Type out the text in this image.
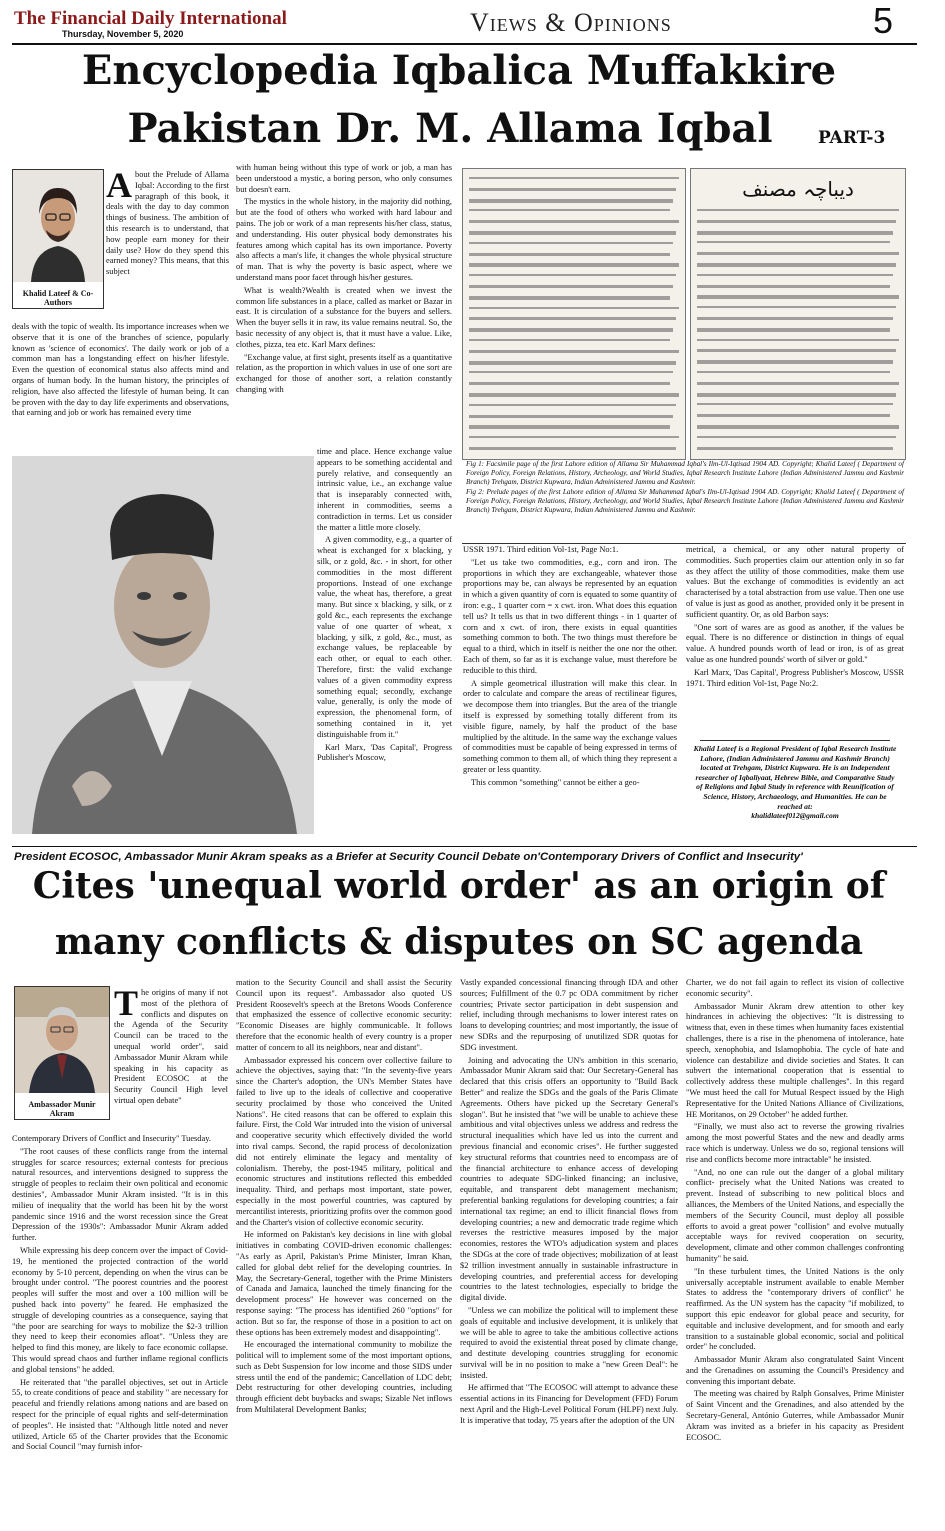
The Financial Daily International
Thursday, November 5, 2020	Views & Opinions	5
Encyclopedia Iqbalica Muffakkire
Pakistan Dr. M. Allama Iqbal	PART-3
Khalid Lateef & Co-Authors
About the Prelude of Allama Iqbal: According to the first paragraph of this book, it deals with the day to day common things of business. The ambition of this research is to understand, that how people earn money for their daily use? How do they spend this earned money? This means, that this subject

deals with the topic of wealth. Its importance increases when we observe that it is one of the branches of science, popularly known as 'science of economics'. The daily work or job of a common man has a longstanding effect on his/her lifestyle. Even the question of economical status also affects mind and organs of human body. In the human history, the principles of religion, have also affected the lifestyle of human being. It can be proven with the day to day life experiments and observations, that earning and job or work has remained every time

with human being without this type of work or job, a man has been understood a mystic, a boring person, who only consumes but doesn't earn.

The mystics in the whole history, in the majority did nothing, but ate the food of others who worked with hard labour and pains. The job or work of a man represents his/her class, status, and understanding. His outer physical body demonstrates his features among which capital has its own importance. Poverty also affects a man's life, it changes the whole physical structure of man. That is why the poverty is basic aspect, where we understand mans poor facet through his/her gestures.

What is wealth?Wealth is created when we invest the common life substances in a place, called as market or Bazar in east. It is circulation of a substance for the buyers and sellers. When the buyer sells it in raw, its value remains neutral. So, the basic necessity of any object is, that it must have a value. Like, clothes, pizza, tea etc. Karl Marx defines:

"Exchange value, at first sight, presents itself as a quantitative relation, as the proportion in which values in use of one sort are exchanged for those of another sort, a relation constantly changing with

time and place. Hence exchange value appears to be something accidental and purely relative, and consequently an intrinsic value, i.e., an exchange value that is inseparably connected with, inherent in commodities, seems a contradiction in terms. Let us consider the matter a little more closely.

A given commodity, e.g., a quarter of wheat is exchanged for x blacking, y silk, or z gold, &c. - in short, for other commodities in the most different proportions. Instead of one exchange value, the wheat has, therefore, a great many. But since x blacking, y silk, or z gold &c., each represents the exchange value of one quarter of wheat, x blacking, y silk, z gold, &c., must, as exchange values, be replaceable by each other, or equal to each other. Therefore, first: the valid exchange values of a given commodity express something equal; secondly, exchange value, generally, is only the mode of expression, the phenomenal form, of something contained in it, yet distinguishable from it."

Karl Marx, 'Das Capital', Progress Publisher's Moscow,

دیباچہ مصنف
Fig 1: Facsimile page of the first Lahore edition of Allama Sir Muhammad Iqbal's Ilm-Ul-Iqtisad 1904 AD. Copyright; Khalid Lateef ( Department of Foreign Policy, Foreign Relations, History, Archeology, and World Studies, Iqbal Research Institute Lahore (Indian Administered Jammu and Kashmir Branch) Trehgam, District Kupwara, Indian Administered Jammu and Kashmir.
Fig 2: Prelude pages of the first Lahore edition of Allama Sir Muhammad Iqbal's Ilm-Ul-Iqtisad 1904 AD. Copyright; Khalid Lateef ( Department of Foreign Policy, Foreign Relations, History, Archeology, and World Studies, Iqbal Research Institute Lahore (Indian Administered Jammu and Kashmir Branch) Trehgam, District Kupwara, Indian Administered Jammu and Kashmir.

USSR 1971. Third edition Vol-1st, Page No:1.

"Let us take two commodities, e.g., corn and iron. The proportions in which they are exchangeable, whatever those proportions may be, can always be represented by an equation in which a given quantity of corn is equated to some quantity of iron: e.g., 1 quarter corn = x cwt. iron. What does this equation tell us? It tells us that in two different things - in 1 quarter of corn and x cwt. of iron, there exists in equal quantities something common to both. The two things must therefore be equal to a third, which in itself is neither the one nor the other. Each of them, so far as it is exchange value, must therefore be reducible to this third.

A simple geometrical illustration will make this clear. In order to calculate and compare the areas of rectilinear figures, we decompose them into triangles. But the area of the triangle itself is expressed by something totally different from its visible figure, namely, by half the product of the base multiplied by the altitude. In the same way the exchange values of commodities must be capable of being expressed in terms of something common to them all, of which thing they represent a greater or less quantity.

This common "something" cannot be either a geo-

metrical, a chemical, or any other natural property of commodities. Such properties claim our attention only in so far as they affect the utility of those commodities, make them use values. But the exchange of commodities is evidently an act characterised by a total abstraction from use value. Then one use of value is just as good as another, provided only it be present in sufficient quantity. Or, as old Barbon says:

"One sort of wares are as good as another, if the values be equal. There is no difference or distinction in things of equal value. A hundred pounds worth of lead or iron, is of as great value as one hundred pounds' worth of silver or gold."

Karl Marx, 'Das Capital', Progress Publisher's Moscow, USSR 1971. Third edition Vol-1st, Page No:2.

Khalid Lateef is a Regional President of Iqbal Research Institute Lahore, (Indian Administered Jammu and Kashmir Branch) located at Trehgam, District Kupwara. He is an Independent researcher of Iqbaliyaat, Hebrew Bible, and Comparative Study of Religions and Iqbal Study in reference with Reunification of Science, History, Archaeology, and Humanities. He can be reached at:
khalidlateef012@gmail.com
President ECOSOC, Ambassador Munir Akram speaks as a Briefer at Security Council Debate on'Contemporary Drivers of Conflict and Insecurity'
Cites 'unequal world order' as an origin of
many conflicts & disputes on SC agenda
Ambassador Munir Akram
The origins of many if not most of the plethora of conflicts and disputes on the Agenda of the Security Council can be traced to the unequal world order", said Ambassador Munir Akram while speaking in his capacity as President ECOSOC at the Security Council High level virtual open debate"

Contemporary Drivers of Conflict and Insecurity" Tuesday.

"The root causes of these conflicts range from the internal struggles for scarce resources; external contests for precious natural resources, and interventions designed to suppress the struggle of peoples to reclaim their own political and economic destinies", Ambassador Munir Akram insisted. "It is in this milieu of inequality that the world has been hit by the worst pandemic since 1916 and the worst recession since the Great Depression of the 1930s": Ambassador Munir Akram added further.

While expressing his deep concern over the impact of Covid-19, he mentioned the projected contraction of the world economy by 5-10 percent, depending on when the virus can be brought under control. "The poorest countries and the poorest peoples will suffer the most and over a 100 million will be pushed back into poverty" he feared. He emphasized the struggle of developing countries as a consequence, saying that "the poor are searching for ways to mobilize the $2-3 trillion they need to keep their economies afloat". "Unless they are helped to find this money, are likely to face economic collapse. This would spread chaos and further inflame regional conflicts and global tensions" he added.

He reiterated that "the parallel objectives, set out in Article 55, to create conditions of peace and stability " are necessary for peaceful and friendly relations among nations and are based on respect for the principle of equal rights and self-determination of peoples". He insisted that: "Although little noted and never utilized, Article 65 of the Charter provides that the Economic and Social Council "may furnish infor-

mation to the Security Council and shall assist the Security Council upon its request". Ambassador also quoted US President Roosevelt's speech at the Bretons Woods Conference that emphasized the essence of collective economic security: "Economic Diseases are highly communicable. It follows therefore that the economic health of every country is a proper matter of concern to all its neighbors, near and distant".

Ambassador expressed his concern over collective failure to achieve the objectives, saying that: "In the seventy-five years since the Charter's adoption, the UN's Member States have failed to live up to the ideals of collective and cooperative security proclaimed by those who conceived the United Nations". He cited reasons that can be offered to explain this failure. First, the Cold War intruded into the vision of universal and cooperative security which effectively divided the world into rival camps. Second, the rapid process of decolonization did not entirely eliminate the legacy and mentality of colonialism. Thereby, the post-1945 military, political and economic structures and institutions reflected this embedded inequality. Third, and perhaps most important, state power, especially in the most powerful countries, was captured by mercantilist interests, prioritizing profits over the common good and the Charter's vision of collective economic security.

He informed on Pakistan's key decisions in line with global initiatives in combating COVID-driven economic challenges: "As early as April, Pakistan's Prime Minister, Imran Khan, called for global debt relief for the developing countries. In May, the Secretary-General, together with the Prime Ministers of Canada and Jamaica, launched the timely financing for the development process" He however was concerned on the response saying: "The process has identified 260 "options" for action. But so far, the response of those in a position to act on these options has been extremely modest and disappointing".

He encouraged the international community to mobilize the political will to implement some of the most important options, such as Debt Suspension for low income and those SIDS under stress until the end of the pandemic; Cancellation of LDC debt; Debt restructuring for other developing countries, including through efficient debt buybacks and swaps; Sizable Net inflows from Multilateral Development Banks;

Vastly expanded concessional financing through IDA and other sources; Fulfillment of the 0.7 pc ODA commitment by richer countries; Private sector participation in debt suspension and relief, including through mechanisms to lower interest rates on loans to developing countries; and most importantly, the issue of new SDRs and the repurposing of unutilized SDR quotas for SDG investment.

Joining and advocating the UN's ambition in this scenario, Ambassador Munir Akram said that: Our Secretary-General has declared that this crisis offers an opportunity to "Build Back Better" and realize the SDGs and the goals of the Paris Climate Agreements. Others have picked up the Secretary General's slogan". But he insisted that "we will be unable to achieve these ambitious and vital objectives unless we address and redress the structural inequalities which have led us into the current and previous financial and economic crises". He further suggested key structural reforms that countries need to encompass are of the financial architecture to enhance access of developing countries to adequate SDG-linked financing; an inclusive, equitable, and transparent debt management mechanism; preferential banking regulations for developing countries; a fair international tax regime; an end to illicit financial flows from developing countries; a new and democratic trade regime which reverses the restrictive measures imposed by the major economies, restores the WTO's adjudication system and places the SDGs at the core of trade objectives; mobilization of at least $2 trillion investment annually in sustainable infrastructure in developing countries, and preferential access for developing countries to the latest technologies, especially to bridge the digital divide.

"Unless we can mobilize the political will to implement these goals of equitable and inclusive development, it is unlikely that we will be able to agree to take the ambitious collective actions required to avoid the existential threat posed by climate change, and destitute developing countries struggling for economic survival will be in no position to make a "new Green Deal": he insisted.

He affirmed that "The ECOSOC will attempt to advance these essential actions in its Financing for Development (FFD) Forum next April and the High-Level Political Forum (HLPF) next July. It is imperative that today, 75 years after the adoption of the UN

Charter, we do not fail again to reflect its vision of collective economic security".

Ambassador Munir Akram drew attention to other key hindrances in achieving the objectives: "It is distressing to witness that, even in these times when humanity faces existential challenges, there is a rise in the phenomena of intolerance, hate speech, xenophobia, and Islamophobia. The cycle of hate and violence can destabilize and divide societies and States. It can subvert the international cooperation that is essential to collectively address these multiple challenges". In this regard "We must heed the call for Mutual Respect issued by the High Representative for the United Nations Alliance of Civilizations, HE Moritanos, on 29 October" he added further.

"Finally, we must also act to reverse the growing rivalries among the most powerful States and the new and deadly arms race which is underway. Unless we do so, regional tensions will rise and conflicts become more intractable" he insisted.

"And, no one can rule out the danger of a global military conflict- precisely what the United Nations was created to prevent. Instead of subscribing to new political blocs and alliances, the Members of the United Nations, and especially the members of the Security Council, must deploy all possible efforts to avoid a great power "collision" and evolve mutually acceptable ways for revived cooperation on security, development, climate and other common challenges confronting humanity" he said.

"In these turbulent times, the United Nations is the only universally acceptable instrument available to enable Member States to address the "contemporary drivers of conflict" he reaffirmed. As the UN system has the capacity "if mobilized, to support this epic endeavor for global peace and security, for equitable and inclusive development, and for smooth and early transition to a sustainable global economic, social and political order" he concluded.

Ambassador Munir Akram also congratulated Saint Vincent and the Grenadines on assuming the Council's Presidency and convening this important debate.

The meeting was chaired by Ralph Gonsalves, Prime Minister of Saint Vincent and the Grenadines, and also attended by the Secretary-General, António Guterres, while Ambassador Munir Akram was invited as a briefer in his capacity as President ECOSOC.
